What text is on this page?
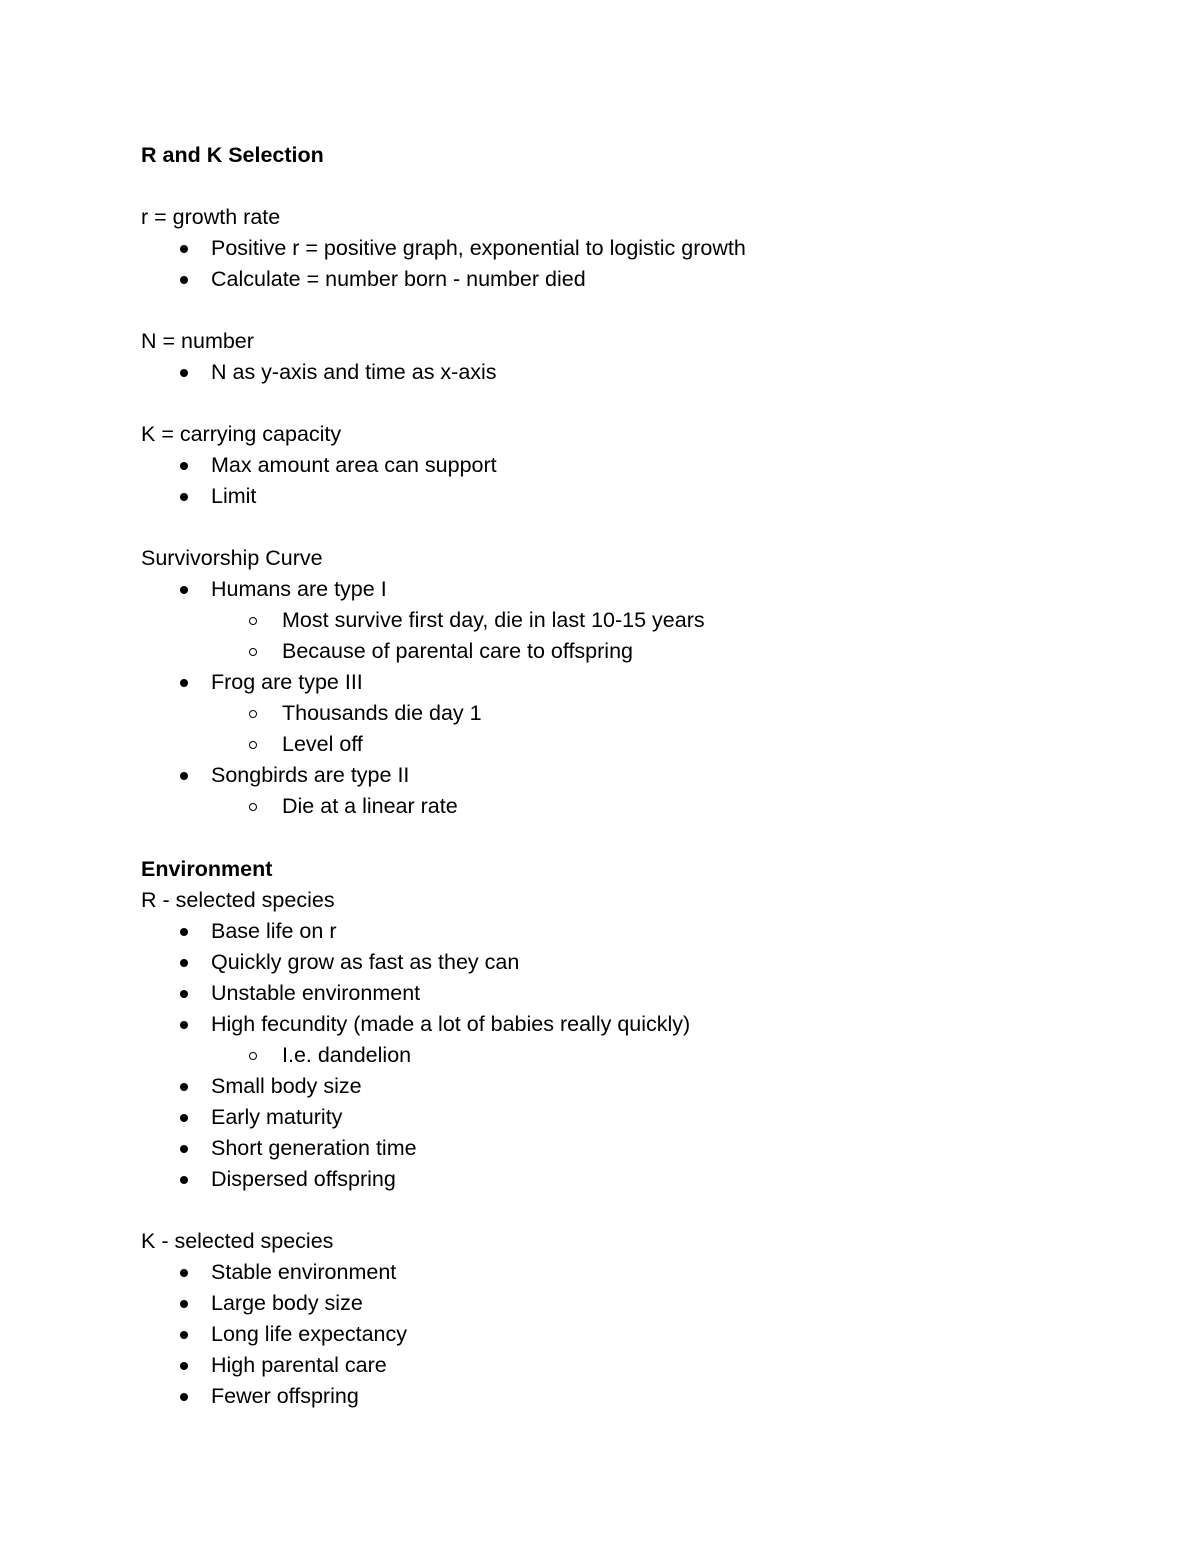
R and K Selection
r = growth rate
Positive r = positive graph, exponential to logistic growth
Calculate = number born - number died
N = number
N as y-axis and time as x-axis
K = carrying capacity
Max amount area can support
Limit
Survivorship Curve
Humans are type I
Most survive first day, die in last 10-15 years
Because of parental care to offspring
Frog are type III
Thousands die day 1
Level off
Songbirds are type II
Die at a linear rate
Environment
R - selected species
Base life on r
Quickly grow as fast as they can
Unstable environment
High fecundity (made a lot of babies really quickly)
I.e. dandelion
Small body size
Early maturity
Short generation time
Dispersed offspring
K - selected species
Stable environment
Large body size
Long life expectancy
High parental care
Fewer offspring
